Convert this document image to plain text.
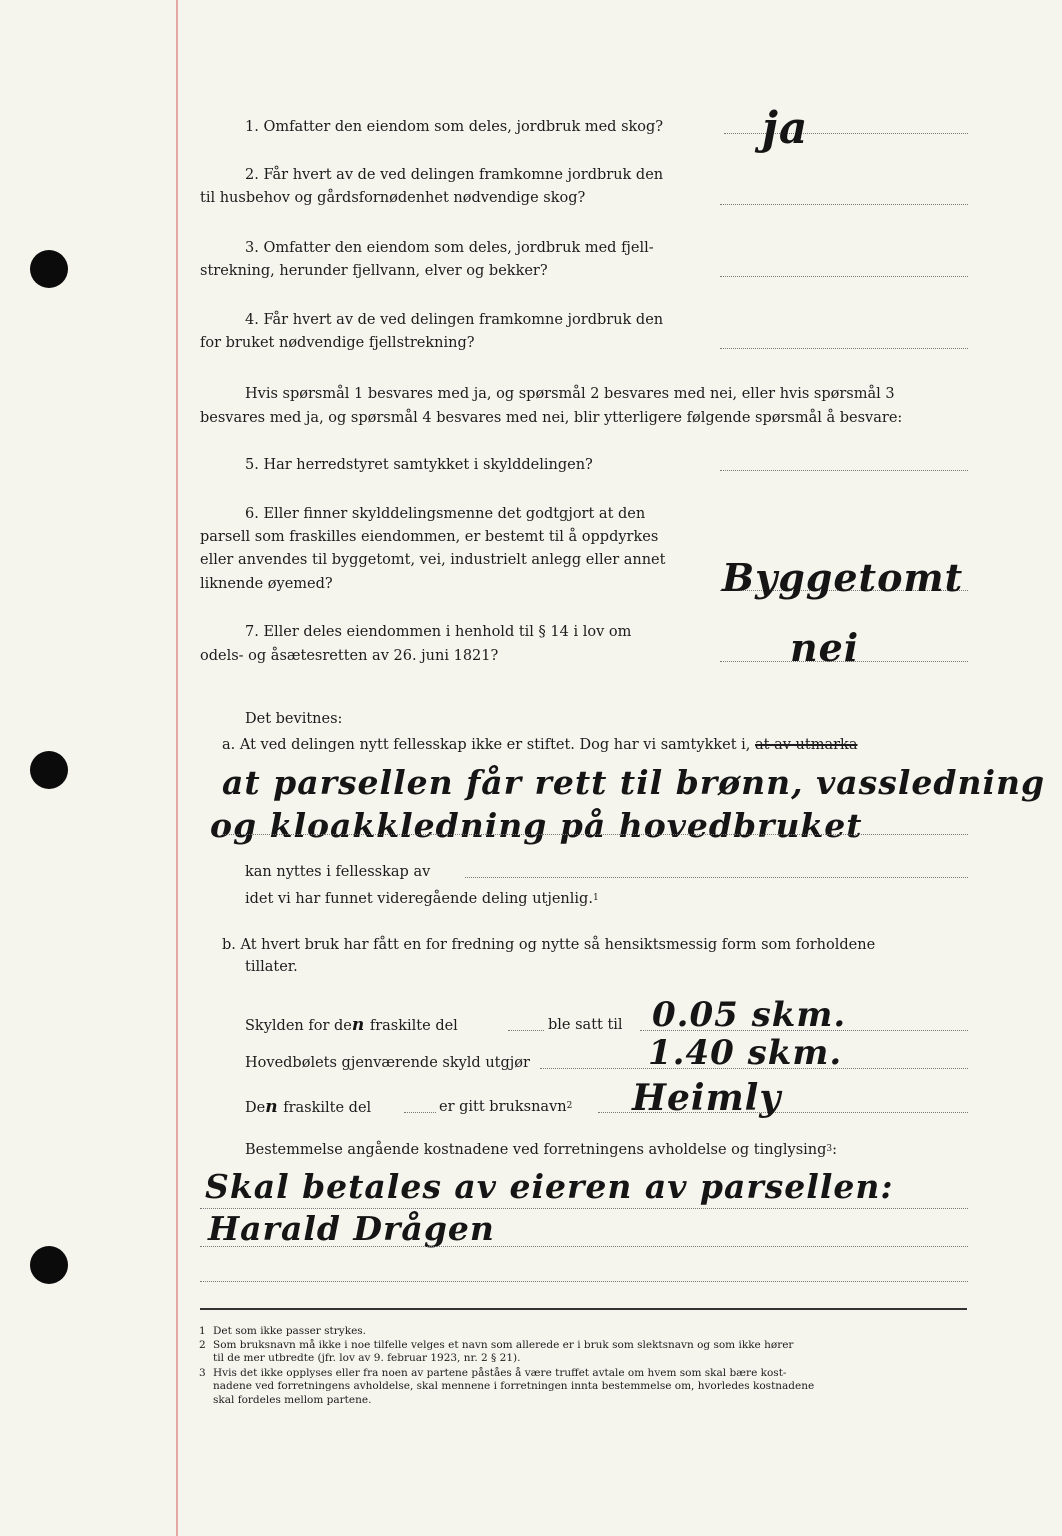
1. Omfatter den eiendom som deles, jordbruk med skog? ja
2. Får hvert av de ved delingen framkomne jordbruk den
til husbehov og gårdsfornødenhet nødvendige skog?
3. Omfatter den eiendom som deles, jordbruk med fjell-
strekning, herunder fjellvann, elver og bekker?
4. Får hvert av de ved delingen framkomne jordbruk den
for bruket nødvendige fjellstrekning?
Hvis spørsmål 1 besvares med ja, og spørsmål 2 besvares med nei, eller hvis spørsmål 3
besvares med ja, og spørsmål 4 besvares med nei, blir ytterligere følgende spørsmål å besvare:
5. Har herredstyret samtykket i skylddelingen?
6. Eller finner skylddelingsmenne det godtgjort at den
parsell som fraskilles eiendommen, er bestemt til å oppdyrkes
eller anvendes til byggetomt, vei, industrielt anlegg eller annet
liknende øyemed?	Byggetomt
7. Eller deles eiendommen i henhold til § 14 i lov om
odels- og åsætesretten av 26. juni 1821?	nei
Det bevitnes:
a. At ved delingen nytt fellesskap ikke er stiftet. Dog har vi samtykket i, at av utmarka
at parsellen får rett til brønn, vassledning
og kloakkledning på hovedbruket
kan nyttes i fellesskap av
idet vi har funnet videregående deling utjenlig.$^1$
b. At hvert bruk har fått en for fredning og nytte så hensiktsmessig form som forholdene
tillater.
Skylden for den fraskilte del	ble satt til 0.05 skm.
Hovedbølets gjenværende skyld utgjør	1.40 skm.
Den fraskilte del	er gitt bruksnavn$^2$ Heimly
Bestemmelse angående kostnadene ved forretningens avholdelse og tinglysing$^3$:
Skal betales av eieren av parsellen:
Harald Drågen
1 Det som ikke passer strykes.
2 Som bruksnavn må ikke i noe tilfelle velges et navn som allerede er i bruk som slektsnavn og som ikke hører
til de mer utbredte (jfr. lov av 9. februar 1923, nr. 2 § 21).
3 Hvis det ikke opplyses eller fra noen av partene påståes å være truffet avtale om hvem som skal bære kost-
nadene ved forretningens avholdelse, skal mennene i forretningen innta bestemmelse om, hvorledes kostnadene
skal fordeles mellom partene.
